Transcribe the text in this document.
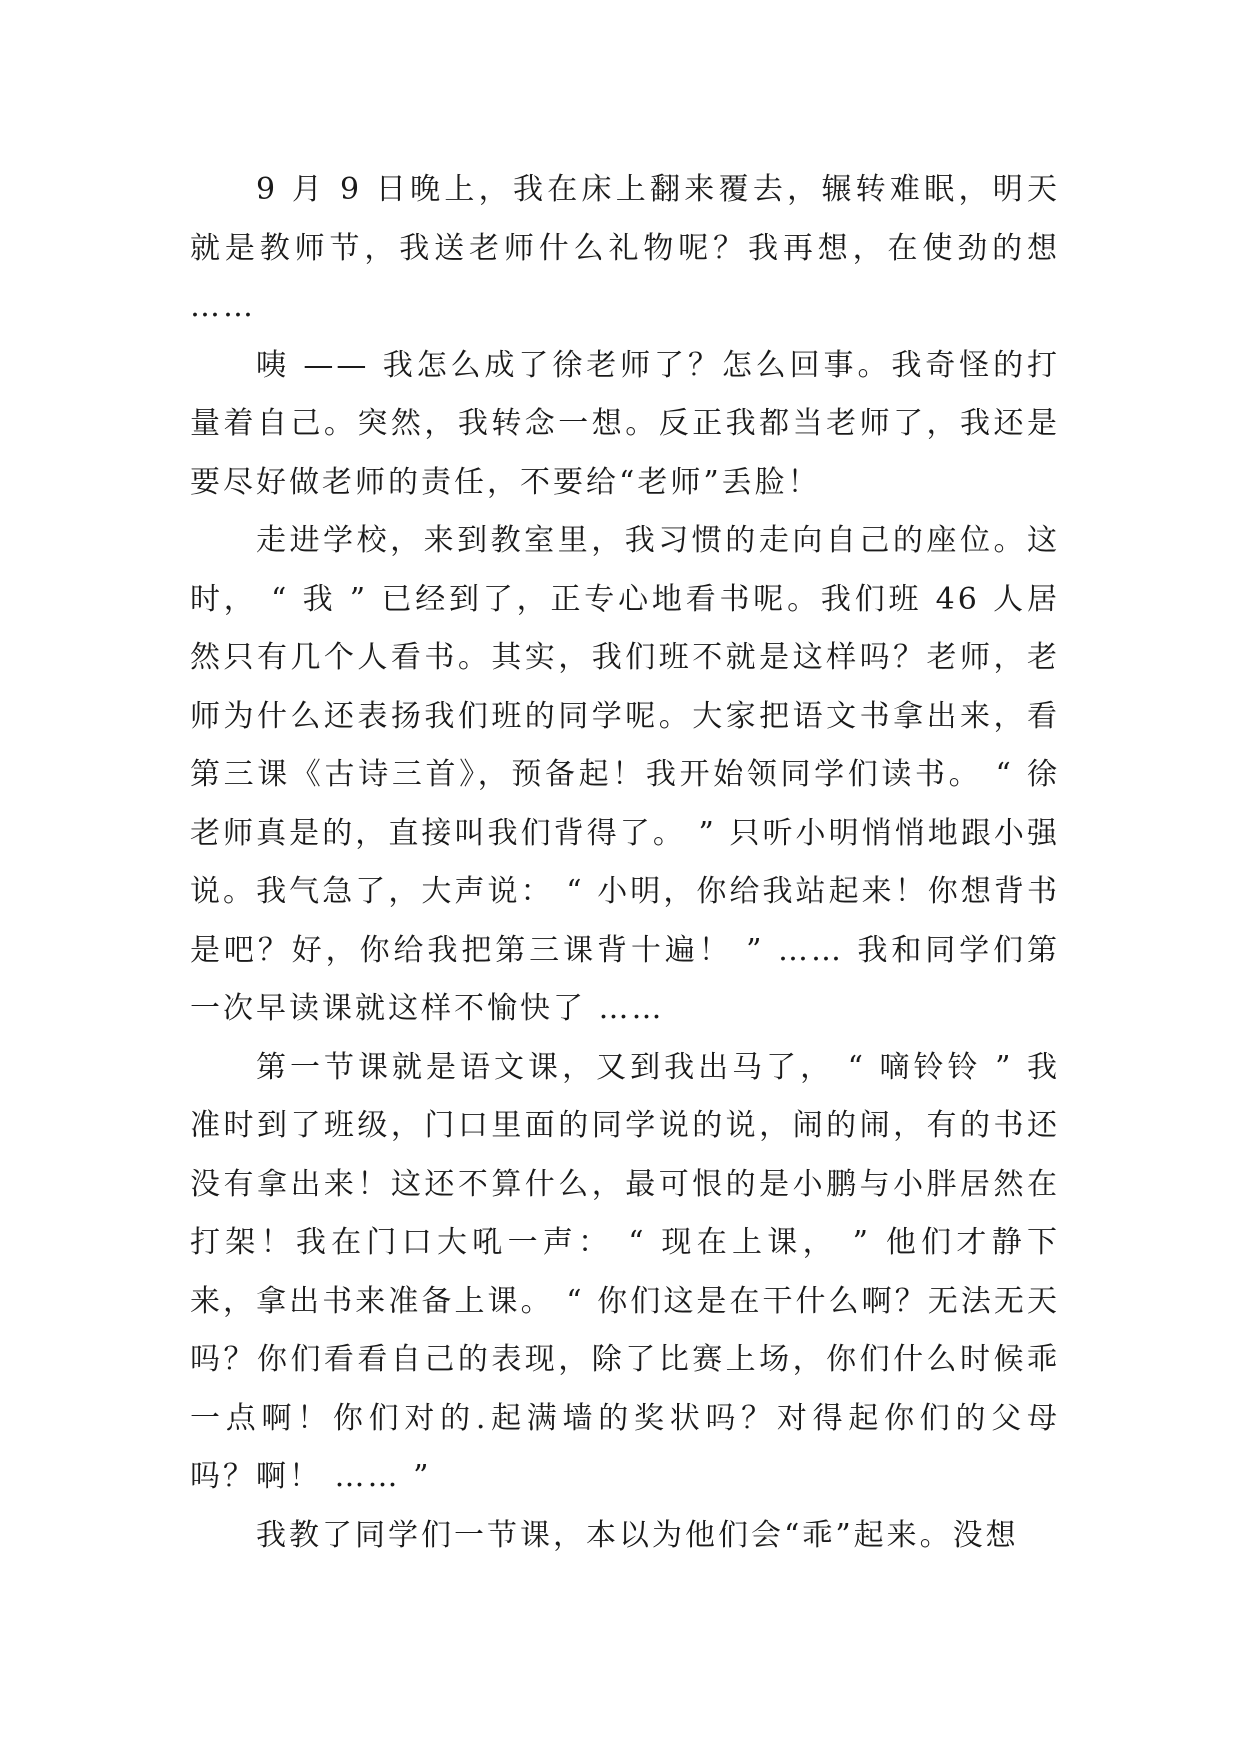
9 月 9 日晚上，我在床上翻来覆去，辗转难眠，明天就是教师节，我送老师什么礼物呢？我再想，在使劲的想 ……

咦 —— 我怎么成了徐老师了？怎么回事。我奇怪的打量着自己。突然，我转念一想。反正我都当老师了，我还是要尽好做老师的责任，不要给“老师”丢脸！

走进学校，来到教室里，我习惯的走向自己的座位。这时， “ 我 ” 已经到了，正专心地看书呢。我们班 46 人居然只有几个人看书。其实，我们班不就是这样吗？老师，老师为什么还表扬我们班的同学呢。大家把语文书拿出来，看第三课《古诗三首》，预备起！我开始领同学们读书。 “ 徐老师真是的，直接叫我们背得了。 ” 只听小明悄悄地跟小强说。我气急了，大声说： “ 小明，你给我站起来！你想背书是吧？好，你给我把第三课背十遍！ ” …… 我和同学们第一次早读课就这样不愉快了 ……

第一节课就是语文课，又到我出马了， “ 嘀铃铃 ” 我准时到了班级，门口里面的同学说的说，闹的闹，有的书还没有拿出来！这还不算什么，最可恨的是小鹏与小胖居然在打架！我在门口大吼一声： “ 现在上课， ” 他们才静下来，拿出书来准备上课。 “ 你们这是在干什么啊？无法无天吗？你们看看自己的表现，除了比赛上场，你们什么时候乖一点啊！你们对的.起满墙的奖状吗？对得起你们的父母吗？啊！ …… ”

我教了同学们一节课，本以为他们会“乖”起来。没想
